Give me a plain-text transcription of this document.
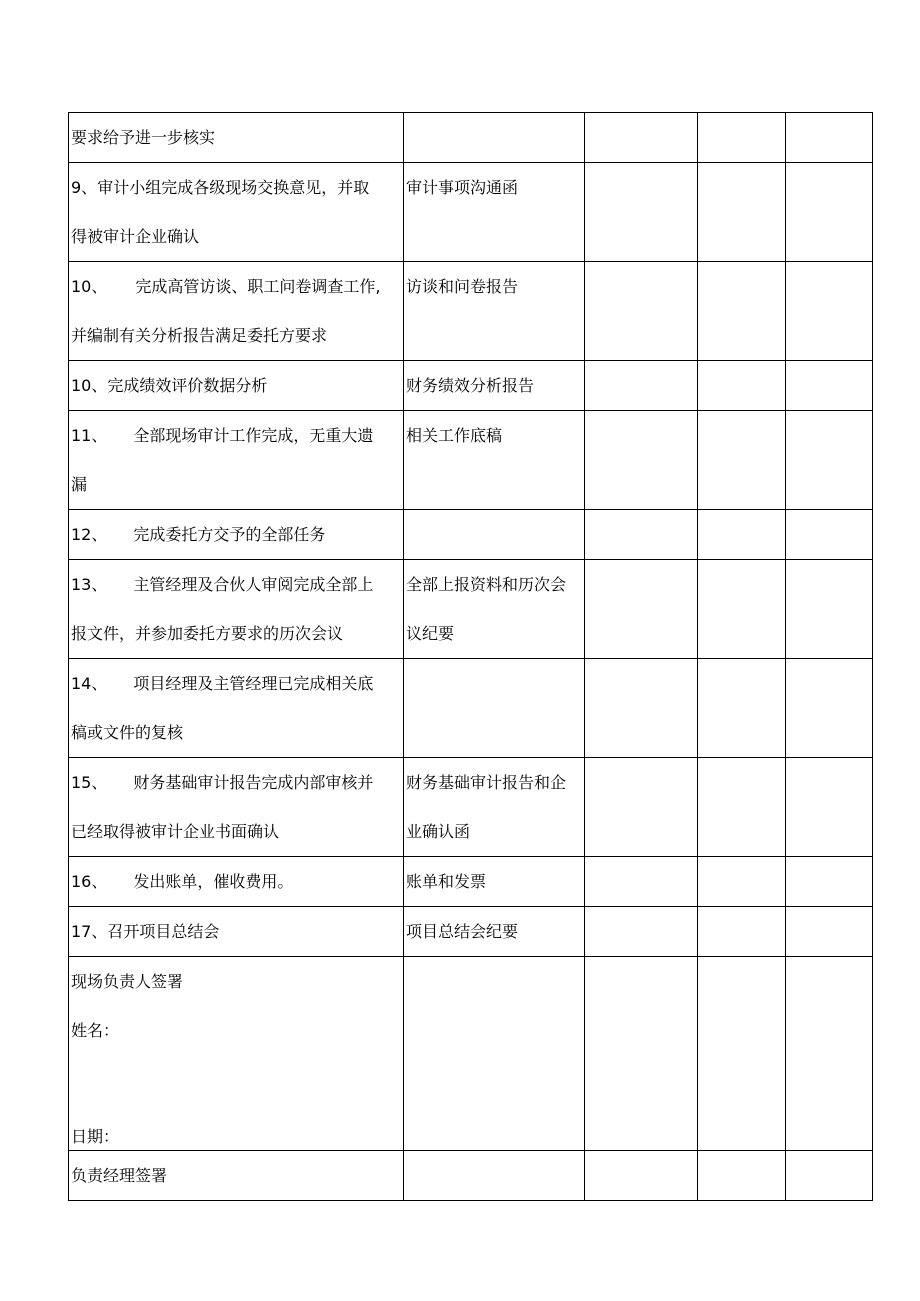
要求给予进一步核实				

9、审计小组完成各级现场交换意见，并取
得被审计企业确认	审计事项沟通函			

10、 完成高管访谈、职工问卷调查工作,
并编制有关分析报告满足委托方要求	访谈和问卷报告			

10、完成绩效评价数据分析	财务绩效分析报告			

11、 全部现场审计工作完成，无重大遗
漏	相关工作底稿			

12、 完成委托方交予的全部任务				

13、 主管经理及合伙人审阅完成全部上
报文件，并参加委托方要求的历次会议	全部上报资料和历次会
议纪要			

14、 项目经理及主管经理已完成相关底
稿或文件的复核				

15、 财务基础审计报告完成内部审核并
已经取得被审计企业书面确认	财务基础审计报告和企
业确认函			

16、 发出账单，催收费用。	账单和发票			

17、召开项目总结会	项目总结会纪要			

现场负责人签署
姓名：
日期：				

负责经理签署				
